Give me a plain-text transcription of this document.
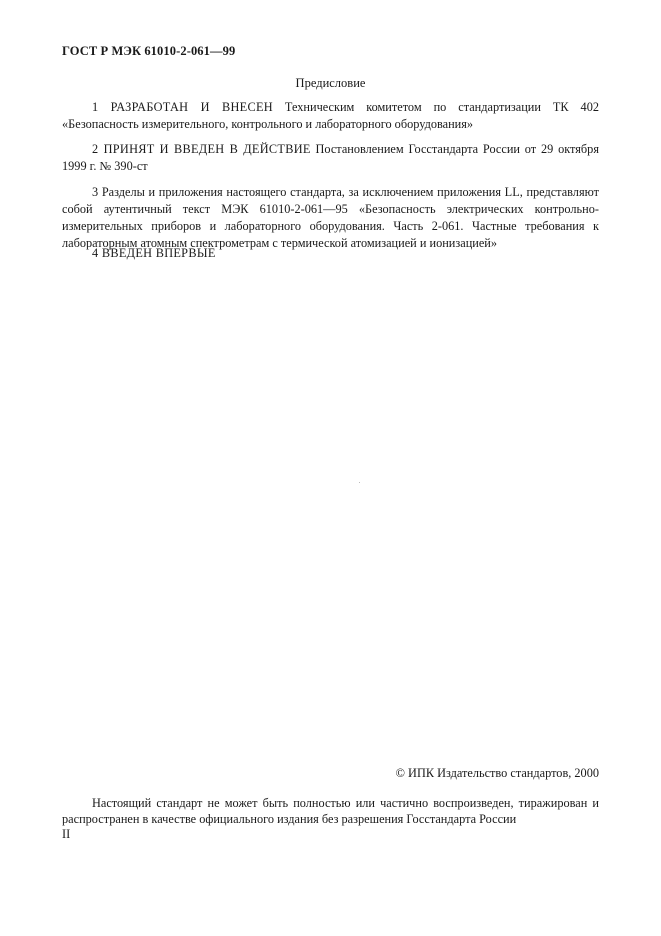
ГОСТ Р МЭК 61010-2-061—99
Предисловие

1 РАЗРАБОТАН И ВНЕСЕН Техническим комитетом по стандартизации ТК 402 «Безопасность измерительного, контрольного и лабораторного оборудования»

2 ПРИНЯТ И ВВЕДЕН В ДЕЙСТВИЕ Постановлением Госстандарта России от 29 октября 1999 г. № 390-ст

3 Разделы и приложения настоящего стандарта, за исключением приложения LL, представляют собой аутентичный текст МЭК 61010-2-061—95 «Безопасность электрических контрольно-измерительных приборов и лабораторного оборудования. Часть 2-061. Частные требования к лабораторным атомным спектрометрам с термической атомизацией и ионизацией»

4 ВВЕДЕН ВПЕРВЫЕ

© ИПК Издательство стандартов, 2000

Настоящий стандарт не может быть полностью или частично воспроизведен, тиражирован и распространен в качестве официального издания без разрешения Госстандарта России

II
